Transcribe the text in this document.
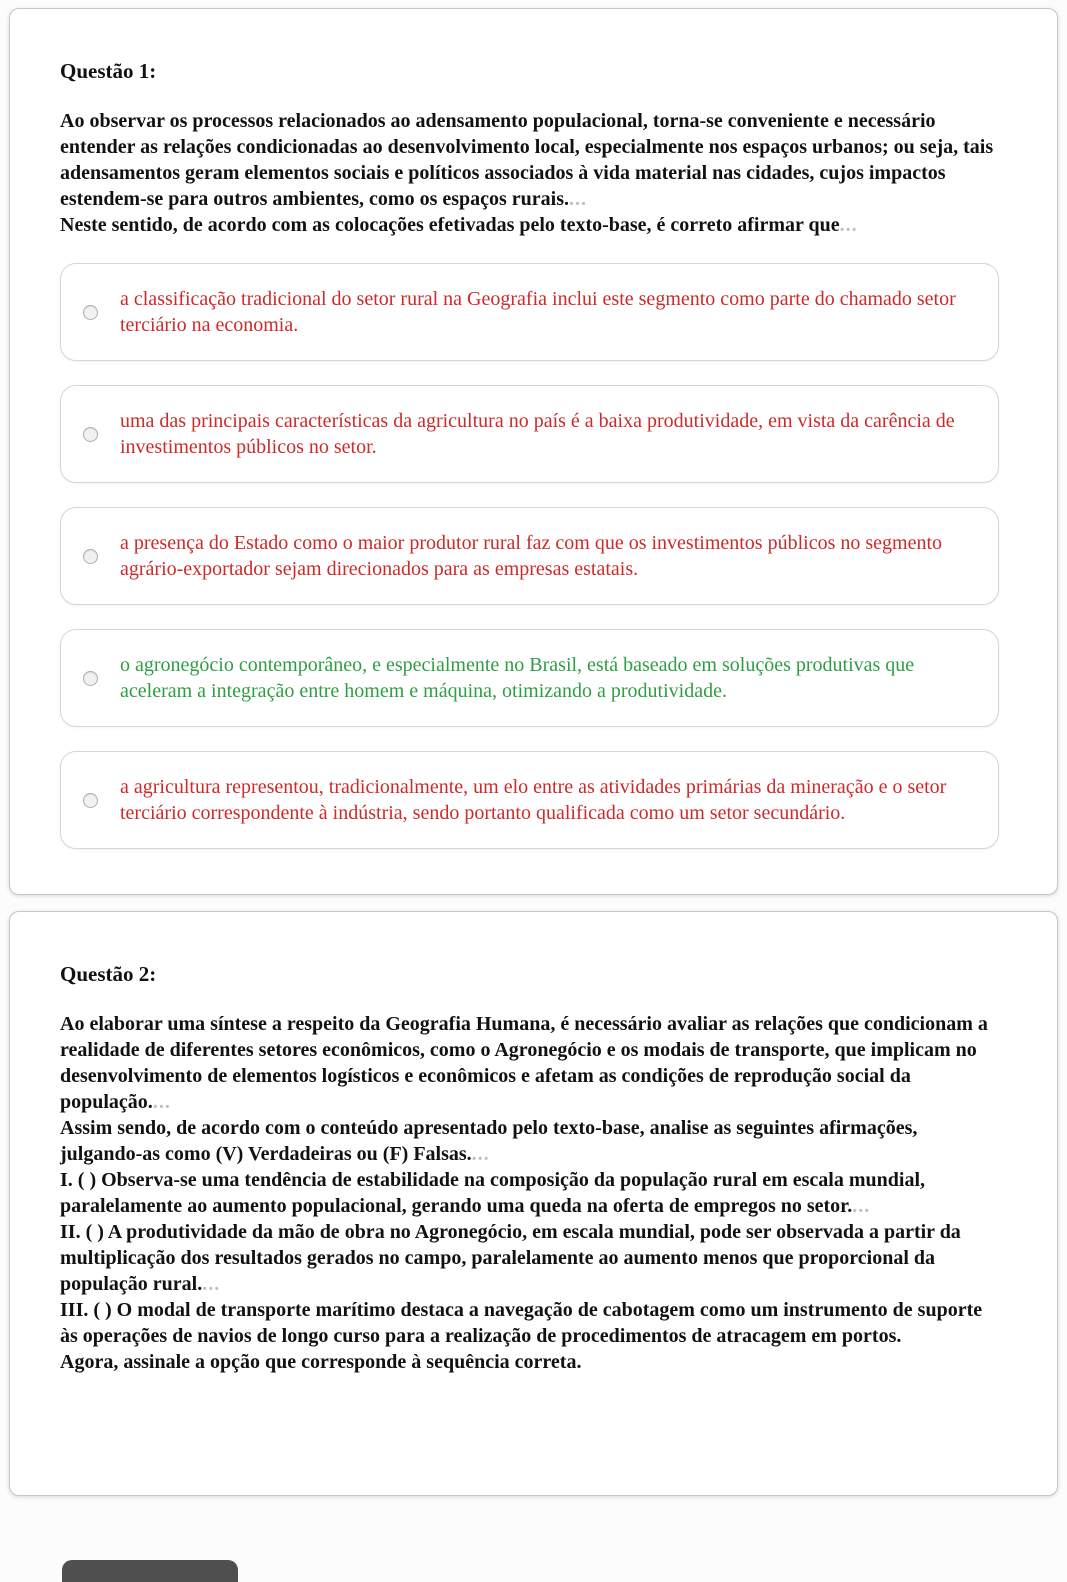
Questão 1:

Ao observar os processos relacionados ao adensamento populacional, torna-se conveniente e necessário entender as relações condicionadas ao desenvolvimento local, especialmente nos espaços urbanos; ou seja, tais adensamentos geram elementos sociais e políticos associados à vida material nas cidades, cujos impactos estendem-se para outros ambientes, como os espaços rurais....

Neste sentido, de acordo com as colocações efetivadas pelo texto-base, é correto afirmar que...

a classificação tradicional do setor rural na Geografia inclui este segmento como parte do chamado setor terciário na economia.
uma das principais características da agricultura no país é a baixa produtividade, em vista da carência de investimentos públicos no setor.
a presença do Estado como o maior produtor rural faz com que os investimentos públicos no segmento agrário-exportador sejam direcionados para as empresas estatais.
o agronegócio contemporâneo, e especialmente no Brasil, está baseado em soluções produtivas que aceleram a integração entre homem e máquina, otimizando a produtividade.
a agricultura representou, tradicionalmente, um elo entre as atividades primárias da mineração e o setor terciário correspondente à indústria, sendo portanto qualificada como um setor secundário.
Questão 2:

Ao elaborar uma síntese a respeito da Geografia Humana, é necessário avaliar as relações que condicionam a realidade de diferentes setores econômicos, como o Agronegócio e os modais de transporte, que implicam no desenvolvimento de elementos logísticos e econômicos e afetam as condições de reprodução social da população....

Assim sendo, de acordo com o conteúdo apresentado pelo texto-base, analise as seguintes afirmações, julgando-as como (V) Verdadeiras ou (F) Falsas....

I. ( ) Observa-se uma tendência de estabilidade na composição da população rural em escala mundial, paralelamente ao aumento populacional, gerando uma queda na oferta de empregos no setor....

II. ( ) A produtividade da mão de obra no Agronegócio, em escala mundial, pode ser observada a partir da multiplicação dos resultados gerados no campo, paralelamente ao aumento menos que proporcional da população rural....

III. ( ) O modal de transporte marítimo destaca a navegação de cabotagem como um instrumento de suporte às operações de navios de longo curso para a realização de procedimentos de atracagem em portos.

Agora, assinale a opção que corresponde à sequência correta.
